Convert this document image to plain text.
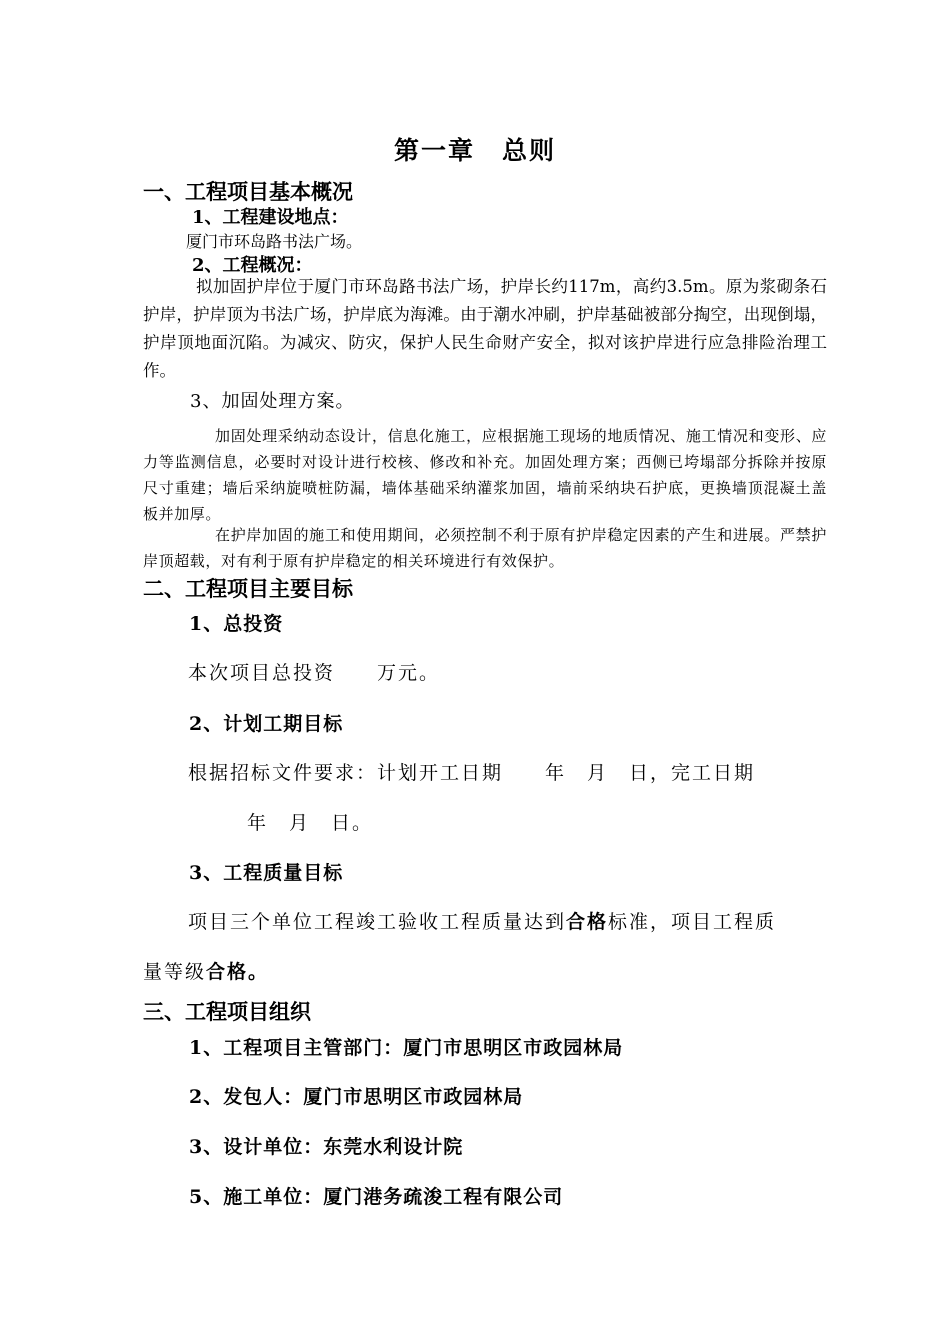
第一章　总则
一、工程项目基本概况
1、工程建设地点：
厦门市环岛路书法广场。
2、工程概况：
拟加固护岸位于厦门市环岛路书法广场，护岸长约117m，高约3.5m。原为浆砌条石护岸，护岸顶为书法广场，护岸底为海滩。由于潮水冲刷，护岸基础被部分掏空，出现倒塌，护岸顶地面沉陷。为减灾、防灾，保护人民生命财产安全，拟对该护岸进行应急排险治理工作。
3、加固处理方案。
加固处理采纳动态设计，信息化施工，应根据施工现场的地质情况、施工情况和变形、应力等监测信息，必要时对设计进行校核、修改和补充。加固处理方案；西侧已垮塌部分拆除并按原尺寸重建；墙后采纳旋喷桩防漏，墙体基础采纳灌浆加固，墙前采纳块石护底，更换墙顶混凝土盖板并加厚。
在护岸加固的施工和使用期间，必须控制不利于原有护岸稳定因素的产生和进展。严禁护岸顶超载，对有利于原有护岸稳定的相关环境进行有效保护。
二、工程项目主要目标
1、总投资
本次项目总投资　　万元。
2、计划工期目标
根据招标文件要求：计划开工日期　　年　月　日，完工日期
年　月　日。
3、工程质量目标
项目三个单位工程竣工验收工程质量达到合格标准，项目工程质
量等级合格。
三、工程项目组织
1、工程项目主管部门：厦门市思明区市政园林局
2、发包人：厦门市思明区市政园林局
3、设计单位：东莞水利设计院
5、施工单位：厦门港务疏浚工程有限公司
